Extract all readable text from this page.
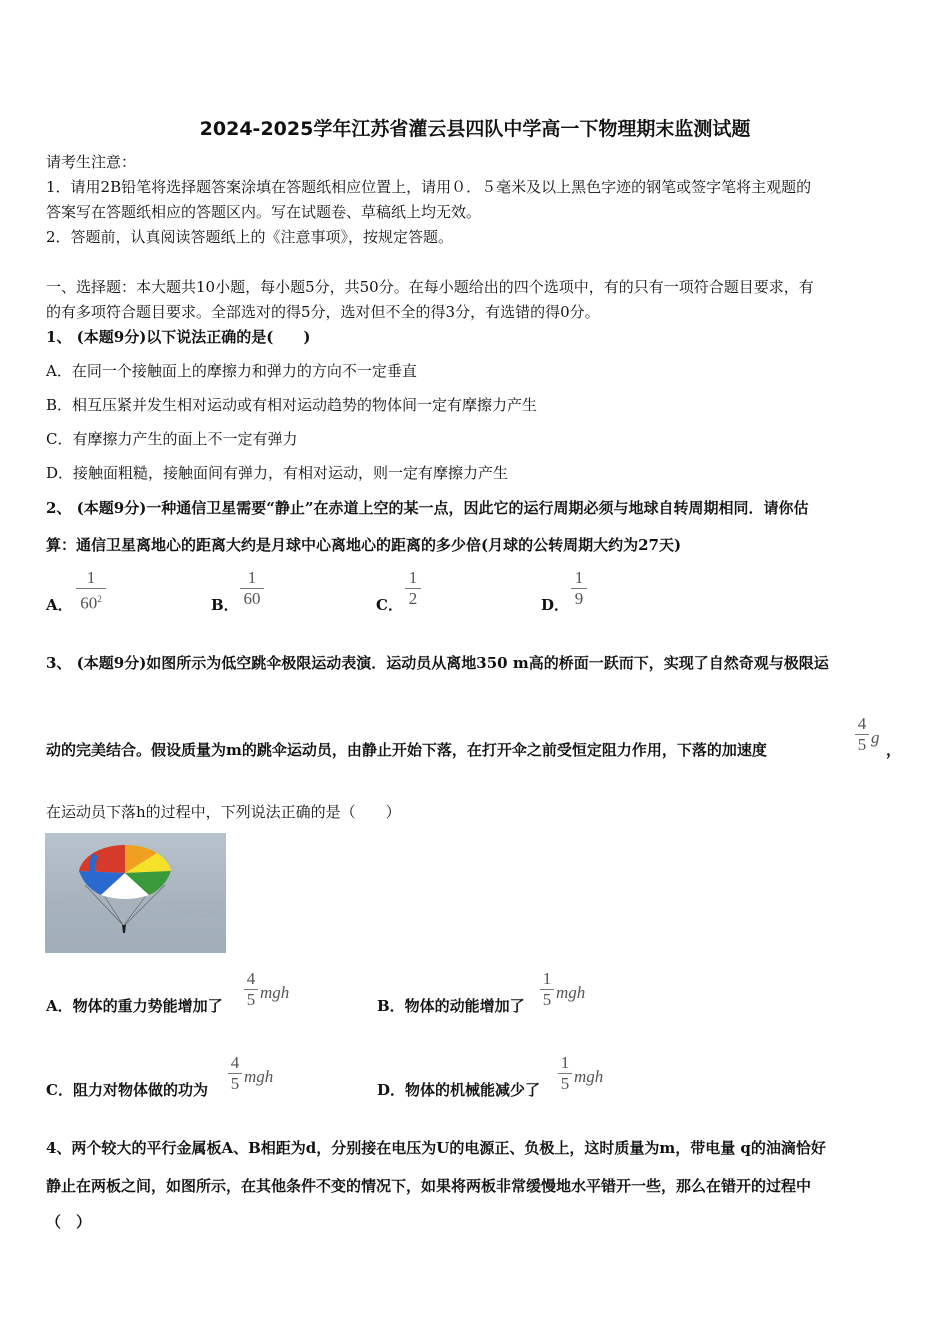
2024-2025学年江苏省灌云县四队中学高一下物理期末监测试题
请考生注意：
1．请用2B铅笔将选择题答案涂填在答题纸相应位置上，请用０．５毫米及以上黑色字迹的钢笔或签字笔将主观题的
答案写在答题纸相应的答题区内。写在试题卷、草稿纸上均无效。
2．答题前，认真阅读答题纸上的《注意事项》，按规定答题。
一、选择题：本大题共10小题，每小题5分，共50分。在每小题给出的四个选项中，有的只有一项符合题目要求，有
的有多项符合题目要求。全部选对的得5分，选对但不全的得3分，有选错的得0分。
1、 (本题9分)以下说法正确的是(　　)
A．在同一个接触面上的摩擦力和弹力的方向不一定垂直
B．相互压紧并发生相对运动或有相对运动趋势的物体间一定有摩擦力产生
C．有摩擦力产生的面上不一定有弹力
D．接触面粗糙，接触面间有弹力，有相对运动，则一定有摩擦力产生
2、 (本题9分)一种通信卫星需要“静止”在赤道上空的某一点，因此它的运行周期必须与地球自转周期相同．请你估
算：通信卫星离地心的距离大约是月球中心离地心的距离的多少倍(月球的公转周期大约为27天)
A．
1
$60^2$	B．
1
60	C．
1
2	D．
1
9
3、 (本题9分)如图所示为低空跳伞极限运动表演．运动员从离地350 m高的桥面一跃而下，实现了自然奇观与极限运
动的完美结合。假设质量为m的跳伞运动员，由静止开始下落，在打开伞之前受恒定阻力作用，下落的加速度
4
5 g
，
在运动员下落h的过程中，下列说法正确的是（　　）
A．物体的重力势能增加了
4
5 mgh
B．物体的动能增加了
1
5 mgh
C．阻力对物体做的功为
4
5 mgh
D．物体的机械能减少了
1
5 mgh
4、两个较大的平行金属板A、B相距为d，分别接在电压为U的电源正、负极上，这时质量为m，带电量 q的油滴恰好
静止在两板之间，如图所示，在其他条件不变的情况下，如果将两板非常缓慢地水平错开一些，那么在错开的过程中
（　）
